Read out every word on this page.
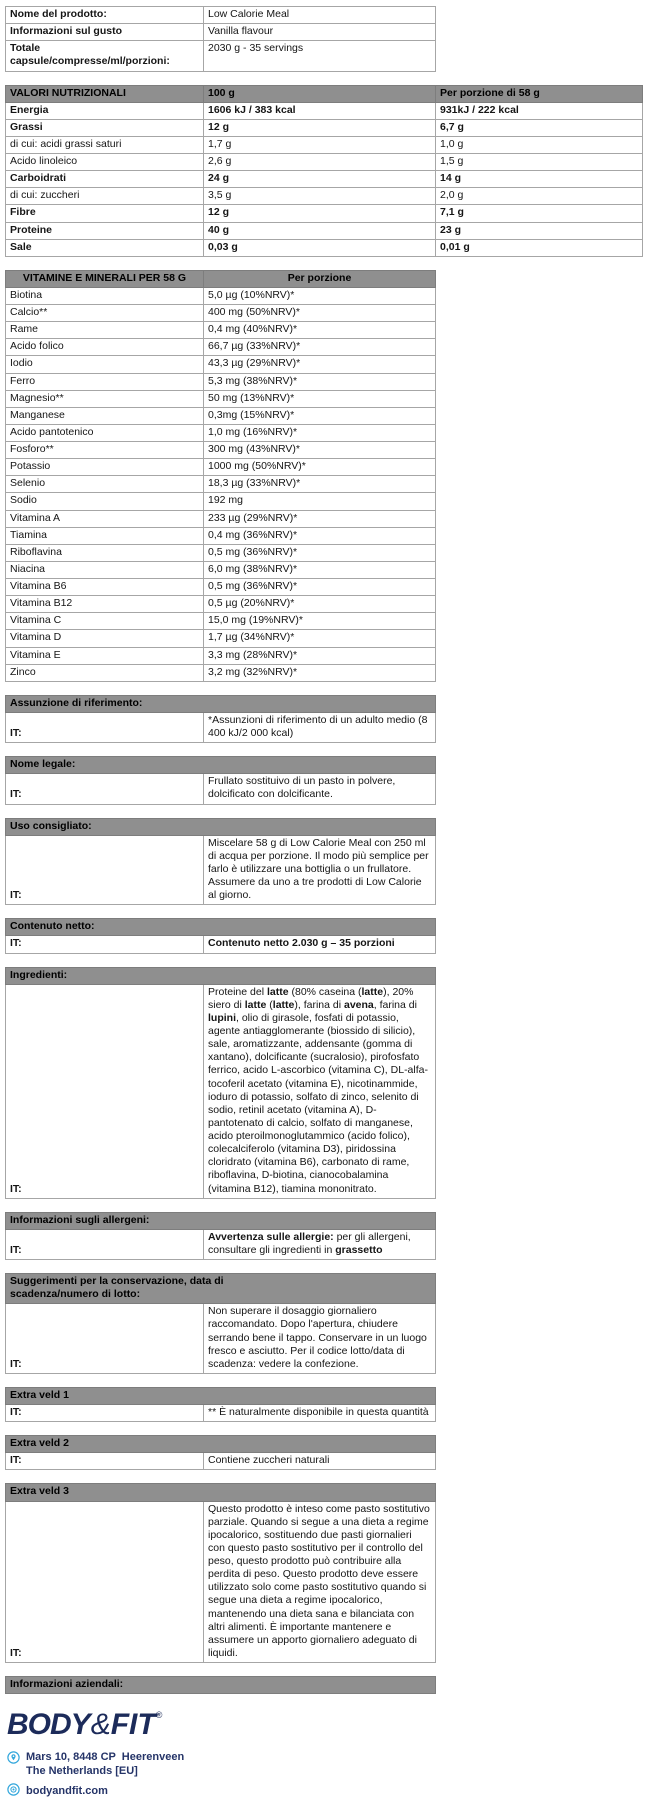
Nome del prodotto:	Low Calorie Meal
Informazioni sul gusto	Vanilla flavour
Totale capsule/compresse/ml/porzioni:	2030 g - 35 servings
VALORI NUTRIZIONALI	100 g	Per porzione di 58 g
Energia	1606 kJ / 383 kcal	931kJ / 222 kcal
Grassi	12 g	6,7 g
di cui: acidi grassi saturi	1,7 g	1,0 g
Acido linoleico	2,6 g	1,5 g
Carboidrati	24 g	14 g
di cui: zuccheri	3,5 g	2,0 g
Fibre	12 g	7,1 g
Proteine	40 g	23 g
Sale	0,03 g	0,01 g
VITAMINE E MINERALI PER 58 G	Per porzione
Biotina	5,0 µg (10%NRV)*
Calcio**	400 mg (50%NRV)*
Rame	0,4 mg (40%NRV)*
Acido folico	66,7 µg (33%NRV)*
Iodio	43,3 µg (29%NRV)*
Ferro	5,3 mg (38%NRV)*
Magnesio**	50 mg (13%NRV)*
Manganese	0,3mg (15%NRV)*
Acido pantotenico	1,0 mg (16%NRV)*
Fosforo**	300 mg (43%NRV)*
Potassio	1000 mg (50%NRV)*
Selenio	18,3 µg (33%NRV)*
Sodio	192 mg
Vitamina A	233 µg (29%NRV)*
Tiamina	0,4 mg (36%NRV)*
Riboflavina	0,5 mg (36%NRV)*
Niacina	6,0 mg (38%NRV)*
Vitamina B6	0,5 mg (36%NRV)*
Vitamina B12	0,5 µg (20%NRV)*
Vitamina C	15,0 mg (19%NRV)*
Vitamina D	1,7 µg (34%NRV)*
Vitamina E	3,3 mg (28%NRV)*
Zinco	3,2 mg (32%NRV)*
Assunzione di riferimento:

IT:	*Assunzioni di riferimento di un adulto medio (8 400 kJ/2 000 kcal)
Nome legale:

IT:	Frullato sostituivo di un pasto in polvere, dolcificato con dolcificante.
Uso consigliato:

IT:	Miscelare 58 g di Low Calorie Meal con 250 ml di acqua per porzione. Il modo più semplice per farlo è utilizzare una bottiglia o un frullatore. Assumere da uno a tre prodotti di Low Calorie al giorno.
Contenuto netto:

IT:	Contenuto netto 2.030 g – 35 porzioni
Ingredienti:

IT:	Proteine del latte (80% caseina (latte), 20% siero di latte (latte), farina di avena, farina di lupini, olio di girasole, fosfati di potassio, agente antiagglomerante (biossido di silicio), sale, aromatizzante, addensante (gomma di xantano), dolcificante (sucralosio), pirofosfato ferrico, acido L-ascorbico (vitamina C), DL-alfa-tocoferil acetato (vitamina E), nicotinammide, ioduro di potassio, solfato di zinco, selenito di sodio, retinil acetato (vitamina A), D-pantotenato di calcio, solfato di manganese, acido pteroilmonoglutammico (acido folico), colecalciferolo (vitamina D3), piridossina cloridrato (vitamina B6), carbonato di rame, riboflavina, D-biotina, cianocobalamina (vitamina B12), tiamina mononitrato.
Informazioni sugli allergeni:

IT:	Avvertenza sulle allergie: per gli allergeni, consultare gli ingredienti in grassetto
Suggerimenti per la conservazione, data di scadenza/numero di lotto:

IT:	Non superare il dosaggio giornaliero raccomandato. Dopo l'apertura, chiudere serrando bene il tappo. Conservare in un luogo fresco e asciutto. Per il codice lotto/data di scadenza: vedere la confezione.
Extra veld 1

IT:	** È naturalmente disponibile in questa quantità
Extra veld 2

IT:	Contiene zuccheri naturali
Extra veld 3

IT:	Questo prodotto è inteso come pasto sostitutivo parziale. Quando si segue a una dieta a regime ipocalorico, sostituendo due pasti giornalieri con questo pasto sostitutivo per il controllo del peso, questo prodotto può contribuire alla perdita di peso. Questo prodotto deve essere utilizzato solo come pasto sostitutivo quando si segue una dieta a regime ipocalorico, mantenendo una dieta sana e bilanciata con altri alimenti. È importante mantenere e assumere un apporto giornaliero adeguato di liquidi.
Informazioni aziendali:
BODY&FIT®
Mars 10, 8448 CP  Heerenveen
The Netherlands [EU]
bodyandfit.com
